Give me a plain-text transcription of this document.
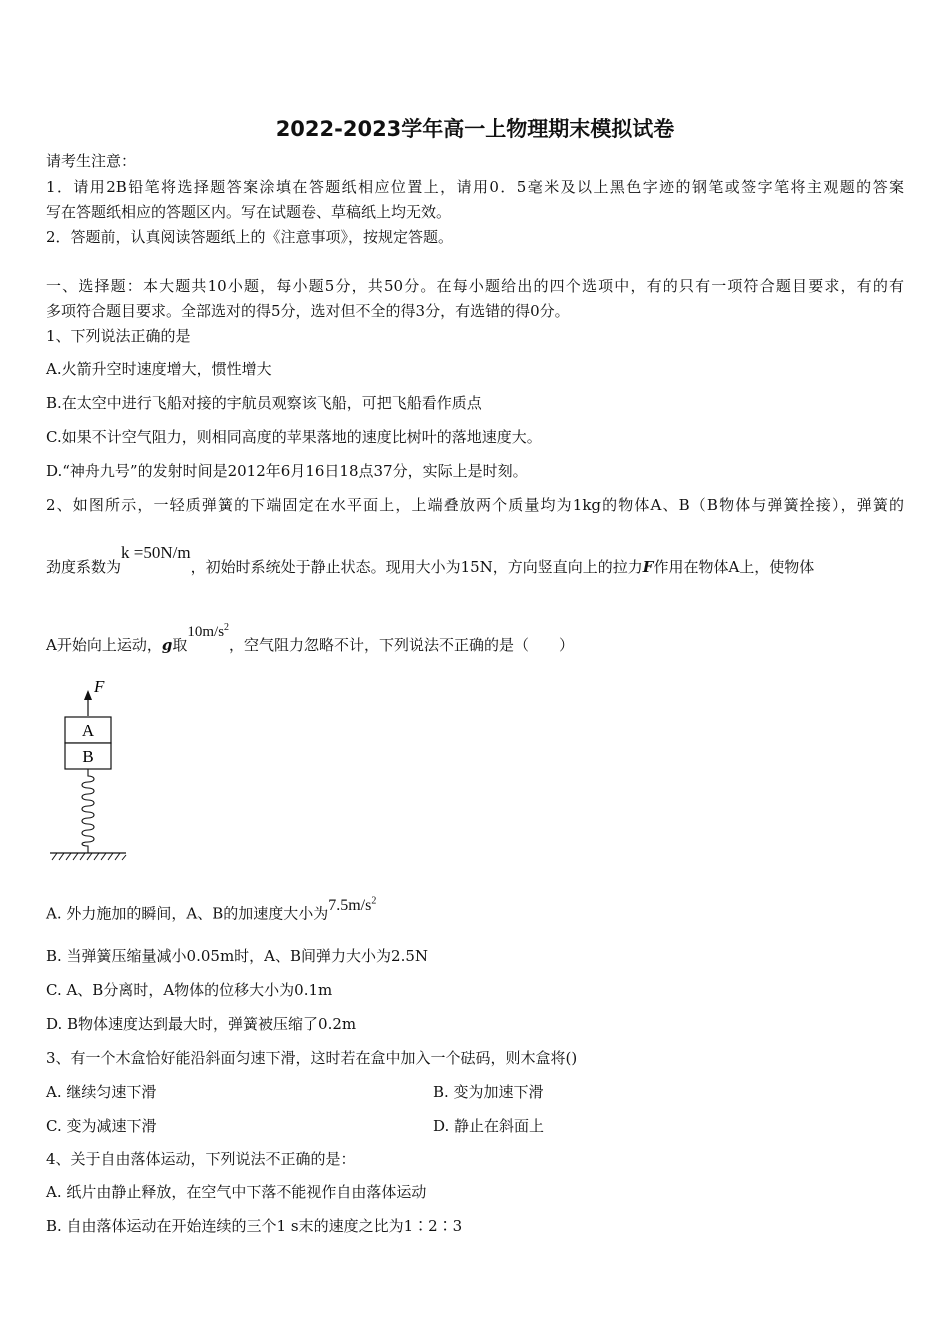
2022-2023学年高一上物理期末模拟试卷
请考生注意：
1．请用2B铅笔将选择题答案涂填在答题纸相应位置上，请用0．5毫米及以上黑色字迹的钢笔或签字笔将主观题的答案
写在答题纸相应的答题区内。写在试题卷、草稿纸上均无效。
2．答题前，认真阅读答题纸上的《注意事项》，按规定答题。
一、选择题：本大题共10小题，每小题5分，共50分。在每小题给出的四个选项中，有的只有一项符合题目要求，有的有
多项符合题目要求。全部选对的得5分，选对但不全的得3分，有选错的得0分。
1、下列说法正确的是
A.火箭升空时速度增大，惯性增大
B.在太空中进行飞船对接的宇航员观察该飞船，可把飞船看作质点
C.如果不计空气阻力，则相同高度的苹果落地的速度比树叶的落地速度大。
D.“神舟九号”的发射时间是2012年6月16日18点37分，实际上是时刻。
2、如图所示，一轻质弹簧的下端固定在水平面上，上端叠放两个质量均为1kg的物体A、B（B物体与弹簧拴接），弹簧的
劲度系数为k =50N/m，初始时系统处于静止状态。现用大小为15N，方向竖直向上的拉力F作用在物体A上，使物体
A开始向上运动，g取$10m/s^2$，空气阻力忽略不计，下列说法不正确的是（　　）
F
A
B
A. 外力施加的瞬间，A、B的加速度大小为$7.5m/s^2$
B. 当弹簧压缩量减小0.05m时，A、B间弹力大小为2.5N
C. A、B分离时，A物体的位移大小为0.1m
D. B物体速度达到最大时，弹簧被压缩了0.2m
3、有一个木盒恰好能沿斜面匀速下滑，这时若在盒中加入一个砝码，则木盒将()
A. 继续匀速下滑	B. 变为加速下滑
C. 变为减速下滑	D. 静止在斜面上
4、关于自由落体运动，下列说法不正确的是：
A. 纸片由静止释放，在空气中下落不能视作自由落体运动
B. 自由落体运动在开始连续的三个1 s末的速度之比为1∶2∶3
